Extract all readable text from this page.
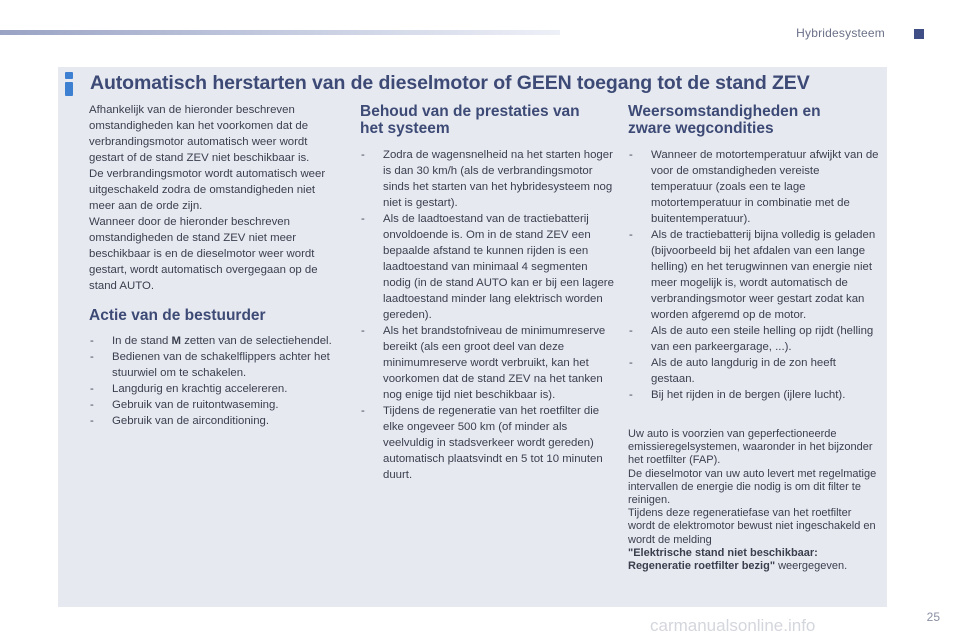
Hybridesysteem
Automatisch herstarten van de dieselmotor of GEEN toegang tot de stand ZEV

Afhankelijk van de hieronder beschreven omstandigheden kan het voorkomen dat de verbrandingsmotor automatisch weer wordt gestart of de stand ZEV niet beschikbaar is.

De verbrandingsmotor wordt automatisch weer uitgeschakeld zodra de omstandigheden niet meer aan de orde zijn.

Wanneer door de hieronder beschreven omstandigheden de stand ZEV niet meer beschikbaar is en de dieselmotor weer wordt gestart, wordt automatisch overgegaan op de stand AUTO.

Actie van de bestuurder
- In de stand M zetten van de selectiehendel.
- Bedienen van de schakelflippers achter het stuurwiel om te schakelen.
- Langdurig en krachtig accelereren.
- Gebruik van de ruitontwaseming.
- Gebruik van de airconditioning.
Behoud van de prestaties van
het systeem
- Zodra de wagensnelheid na het starten hoger is dan 30 km/h (als de verbrandingsmotor sinds het starten van het hybridesysteem nog niet is gestart).
- Als de laadtoestand van de tractiebatterij onvoldoende is. Om in de stand ZEV een bepaalde afstand te kunnen rijden is een laadtoestand van minimaal 4 segmenten nodig (in de stand AUTO kan er bij een lagere laadtoestand minder lang elektrisch worden gereden).
- Als het brandstofniveau de minimumreserve bereikt (als een groot deel van deze minimumreserve wordt verbruikt, kan het voorkomen dat de stand ZEV na het tanken nog enige tijd niet beschikbaar is).
- Tijdens de regeneratie van het roetfilter die elke ongeveer 500 km (of minder als veelvuldig in stadsverkeer wordt gereden) automatisch plaatsvindt en 5 tot 10 minuten duurt.
Weersomstandigheden en
zware wegcondities
- Wanneer de motortemperatuur afwijkt van de voor de omstandigheden vereiste temperatuur (zoals een te lage motortemperatuur in combinatie met de buitentemperatuur).
- Als de tractiebatterij bijna volledig is geladen (bijvoorbeeld bij het afdalen van een lange helling) en het terugwinnen van energie niet meer mogelijk is, wordt automatisch de verbrandingsmotor weer gestart zodat kan worden afgeremd op de motor.
- Als de auto een steile helling op rijdt (helling van een parkeergarage, ...).
- Als de auto langdurig in de zon heeft gestaan.
- Bij het rijden in de bergen (ijlere lucht).
Uw auto is voorzien van geperfectioneerde emissieregelsystemen, waaronder in het bijzonder het roetfilter (FAP).
De dieselmotor van uw auto levert met regelmatige intervallen de energie die nodig is om dit filter te reinigen.
Tijdens deze regeneratiefase van het roetfilter wordt de elektromotor bewust niet ingeschakeld en wordt de melding
"Elektrische stand niet beschikbaar: Regeneratie roetfilter bezig" weergegeven.
25
carmanualsonline.info
